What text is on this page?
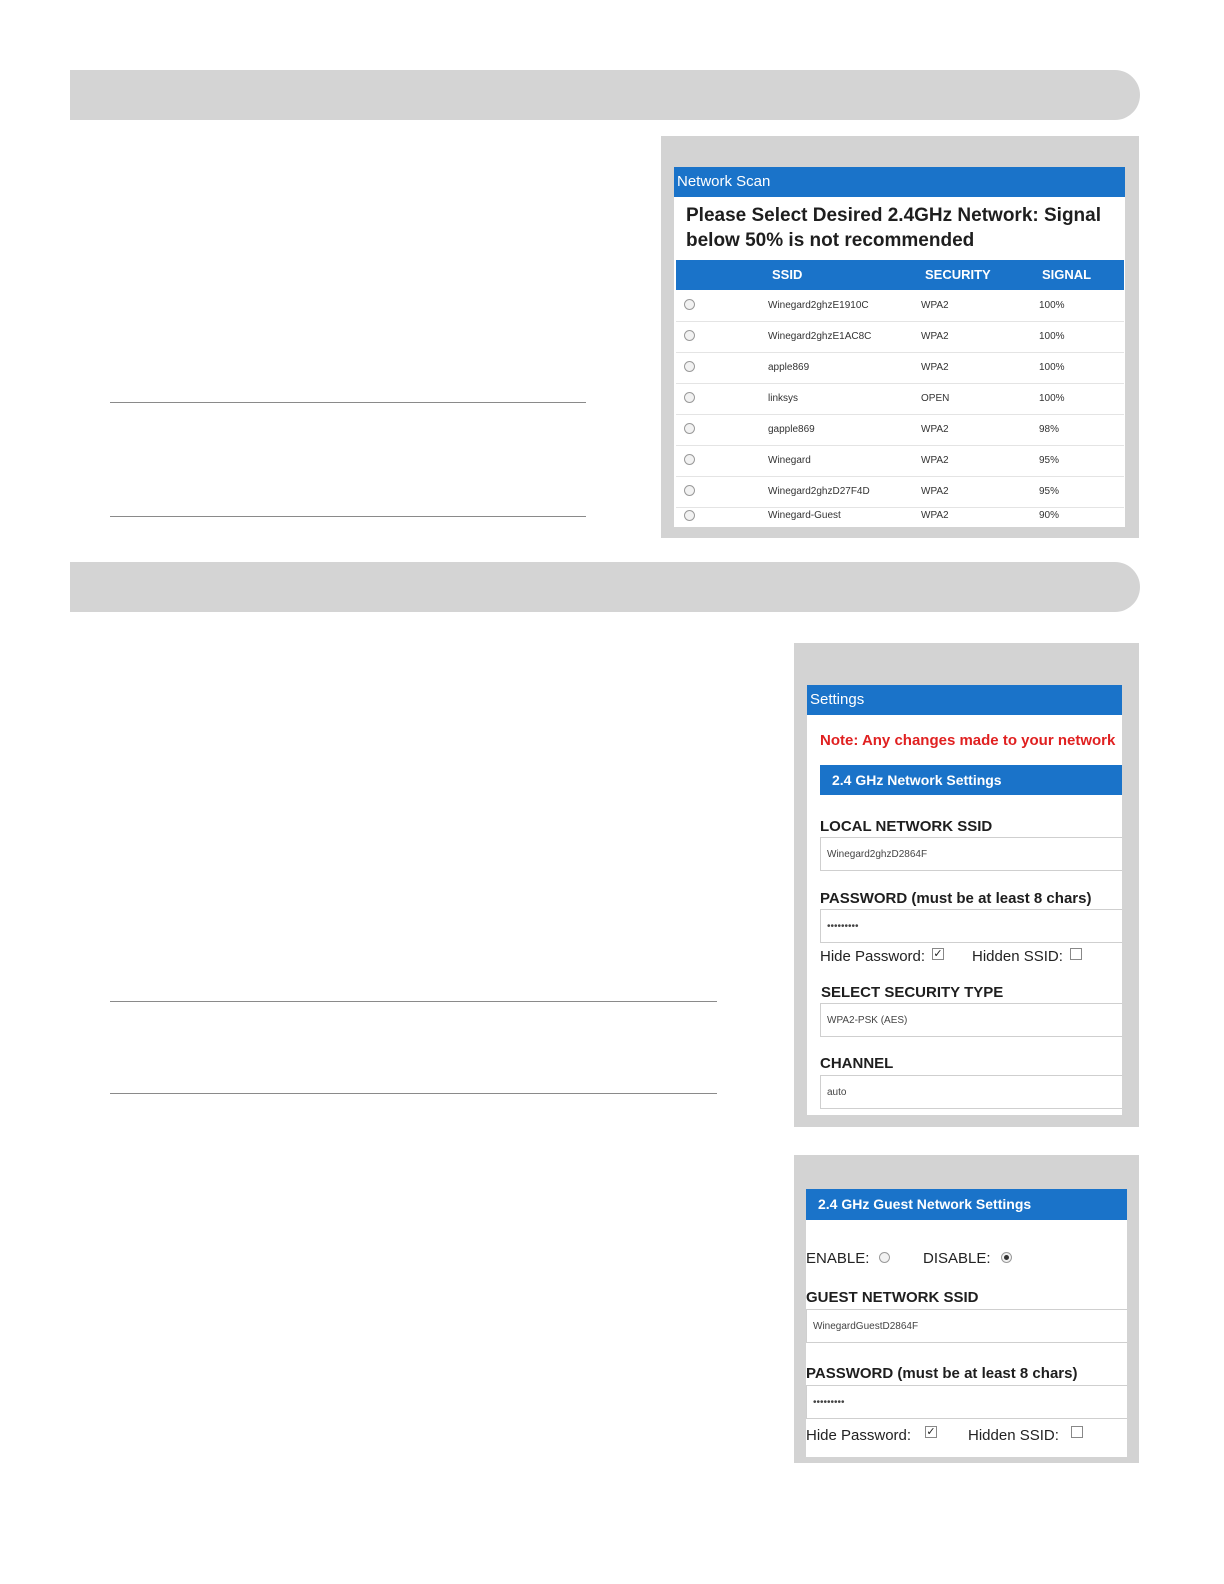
Network Scan
Please Select Desired 2.4GHz Network: Signal below 50% is not recommended
SSID	SECURITY	SIGNAL
Winegard2ghzE1910C	WPA2	100%
Winegard2ghzE1AC8C	WPA2	100%
apple869	WPA2	100%
linksys	OPEN	100%
gapple869	WPA2	98%
Winegard	WPA2	95%
Winegard2ghzD27F4D	WPA2	95%
Winegard-Guest	WPA2	90%
Settings
Note: Any changes made to your network
2.4 GHz Network Settings
LOCAL NETWORK SSID
Winegard2ghzD2864F
PASSWORD (must be at least 8 chars)
•••••••••
Hide Password: ✓ Hidden SSID:
SELECT SECURITY TYPE
WPA2-PSK (AES)
CHANNEL
auto
2.4 GHz Guest Network Settings
ENABLE:	DISABLE:
GUEST NETWORK SSID
WinegardGuestD2864F
PASSWORD (must be at least 8 chars)
•••••••••
Hide Password: ✓ Hidden SSID:
